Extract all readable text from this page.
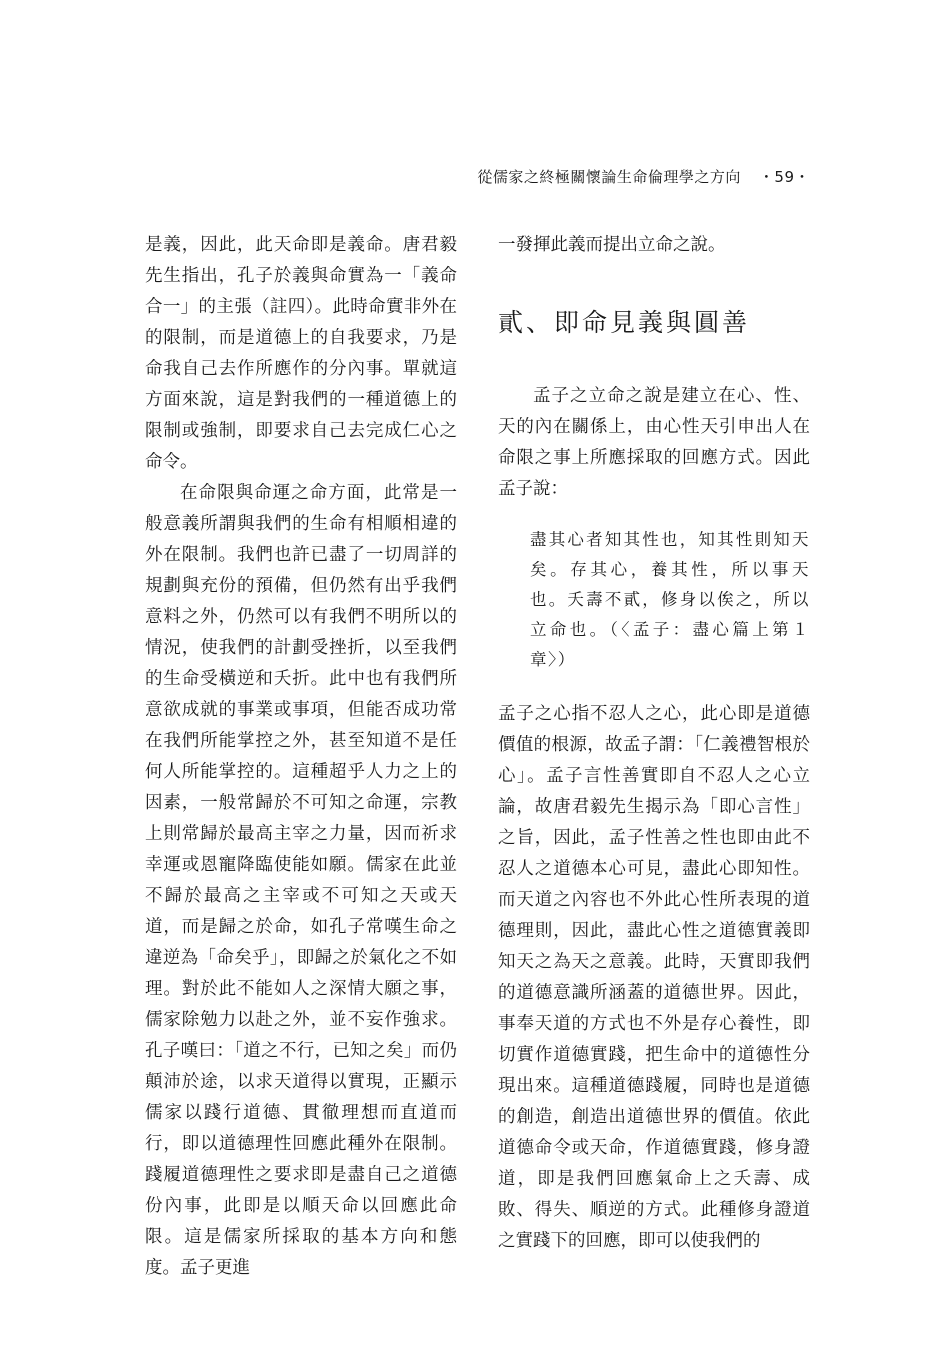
從儒家之終極關懷論生命倫理學之方向 ・59・

是義，因此，此天命即是義命。唐君毅先生指出，孔子於義與命實為一「義命合一」的主張（註四）。此時命實非外在的限制，而是道德上的自我要求，乃是命我自己去作所應作的分內事。單就這方面來說，這是對我們的一種道德上的限制或強制，即要求自己去完成仁心之命令。

在命限與命運之命方面，此常是一般意義所謂與我們的生命有相順相違的外在限制。我們也許已盡了一切周詳的規劃與充份的預備，但仍然有出乎我們意料之外，仍然可以有我們不明所以的情況，使我們的計劃受挫折，以至我們的生命受橫逆和夭折。此中也有我們所意欲成就的事業或事項，但能否成功常在我們所能掌控之外，甚至知道不是任何人所能掌控的。這種超乎人力之上的因素，一般常歸於不可知之命運，宗教上則常歸於最高主宰之力量，因而祈求幸運或恩寵降臨使能如願。儒家在此並不歸於最高之主宰或不可知之天或天道，而是歸之於命，如孔子常嘆生命之違逆為「命矣乎」，即歸之於氣化之不如理。對於此不能如人之深情大願之事，儒家除勉力以赴之外，並不妄作強求。孔子嘆曰：「道之不行，已知之矣」而仍顛沛於途，以求天道得以實現，正顯示儒家以踐行道德、貫徹理想而直道而行，即以道德理性回應此種外在限制。踐履道德理性之要求即是盡自己之道德份內事，此即是以順天命以回應此命限。這是儒家所採取的基本方向和態度。孟子更進

一發揮此義而提出立命之說。

貳、即命見義與圓善

孟子之立命之說是建立在心、性、天的內在關係上，由心性天引申出人在命限之事上所應採取的回應方式。因此孟子說：

盡其心者知其性也，知其性則知天矣。存其心，養其性，所以事天也。夭壽不貳，修身以俟之，所以立命也。（〈孟子：盡心篇上第１章〉）

孟子之心指不忍人之心，此心即是道德價值的根源，故孟子謂：「仁義禮智根於心」。孟子言性善實即自不忍人之心立論，故唐君毅先生揭示為「即心言性」之旨，因此，孟子性善之性也即由此不忍人之道德本心可見，盡此心即知性。而天道之內容也不外此心性所表現的道德理則，因此，盡此心性之道德實義即知天之為天之意義。此時，天實即我們的道德意識所涵蓋的道德世界。因此，事奉天道的方式也不外是存心養性，即切實作道德實踐，把生命中的道德性分現出來。這種道德踐履，同時也是道德的創造，創造出道德世界的價值。依此道德命令或天命，作道德實踐，修身證道，即是我們回應氣命上之夭壽、成敗、得失、順逆的方式。此種修身證道之實踐下的回應，即可以使我們的
